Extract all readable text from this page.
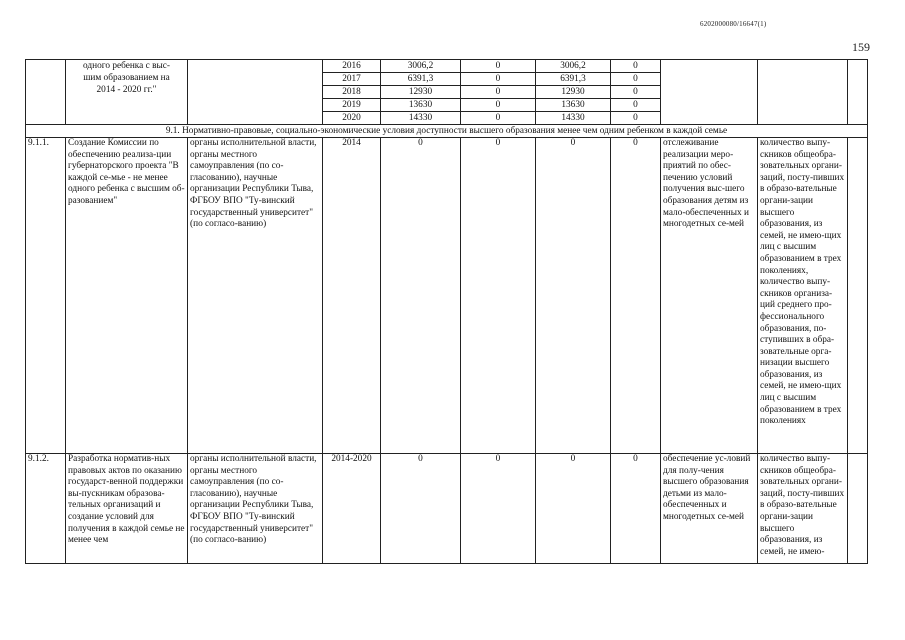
6202000080/16647(1)
159
	одного ребенка с выс-
шим образованием на
2014 - 2020 гг."		2016	3006,2	0	3006,2	0			
			2017	6391,3	0	6391,3	0			
			2018	12930	0	12930	0			
			2019	13630	0	13630	0			
			2020	14330	0	14330	0			
9.1. Нормативно-правовые, социально-экономические условия доступности высшего образования менее чем одним ребенком в каждой семье										
9.1.1.	Создание Комиссии по обеспечению реализа-ции губернаторского проекта "В каждой се-мье - не менее одного ребенка с высшим об-разованием"	органы исполнительной власти, органы местного самоуправления (по со-гласованию), научные организации Республики Тыва, ФГБОУ ВПО "Ту-винский государственный университет" (по согласо-ванию)	2014	0	0	0	0	отслеживание реализации меро-приятий по обес-печению условий получения выс-шего образования детям из мало-обеспеченных и многодетных се-мей	количество выпу-скников общеобра-зовательных органи-заций, посту-пивших в образо-вательные органи-зации высшего образования, из семей, не имею-щих лиц с высшим образованием в трех поколениях, количество выпу-скников организа-ций среднего про-фессионального образования, по-ступивших в обра-зовательные орга-низации высшего образования, из семей, не имею-щих лиц с высшим образованием в трех поколениях	
9.1.2.	Разработка норматив-ных правовых актов по оказанию государст-венной поддержки вы-пускникам образова-тельных организаций и создание условий для получения в каждой семье не менее чем	органы исполнительной власти, органы местного самоуправления (по со-гласованию), научные организации Республики Тыва, ФГБОУ ВПО "Ту-винский государственный университет" (по согласо-ванию)	2014-2020	0	0	0	0	обеспечение ус-ловий для полу-чения высшего образования детьми из мало-обеспеченных и многодетных се-мей	количество выпу-скников общеобра-зовательных органи-заций, посту-пивших в образо-вательные органи-зации высшего образования, из семей, не имею-	
